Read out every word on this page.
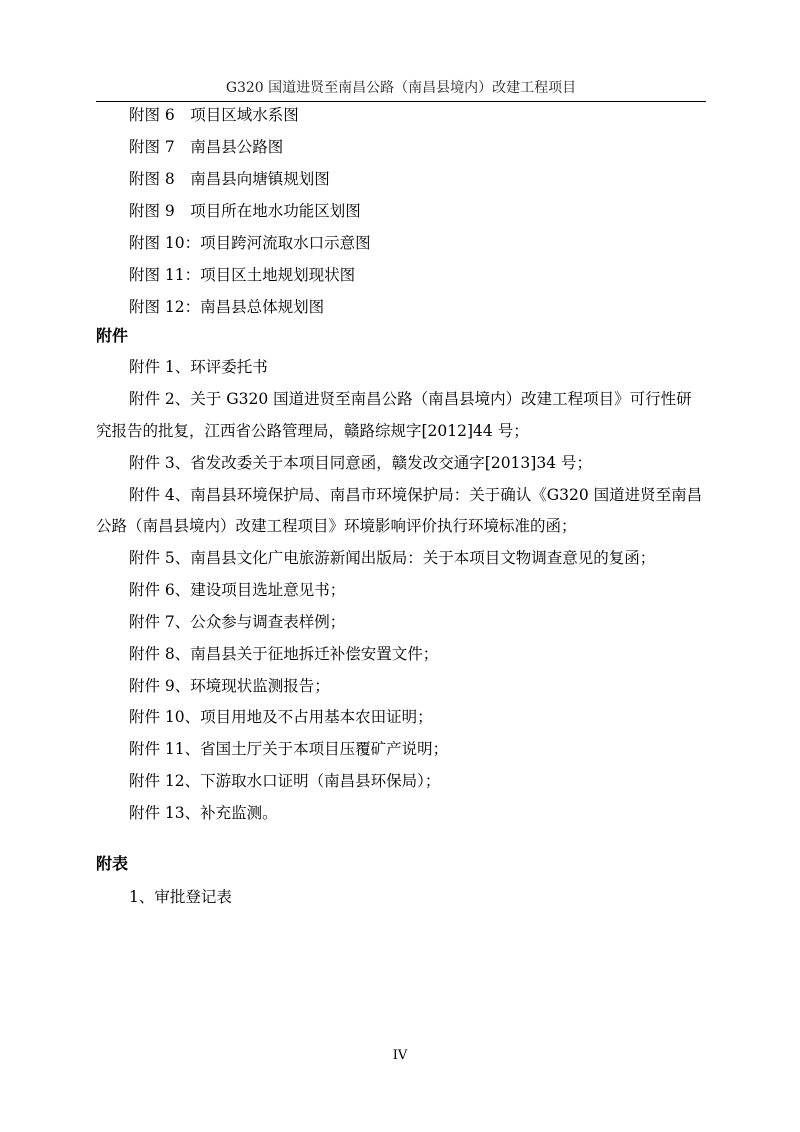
G320 国道进贤至南昌公路（南昌县境内）改建工程项目
附图 6　项目区域水系图
附图 7　南昌县公路图
附图 8　南昌县向塘镇规划图
附图 9　项目所在地水功能区划图
附图 10：项目跨河流取水口示意图
附图 11：项目区土地规划现状图
附图 12：南昌县总体规划图
附件
附件 1、环评委托书
附件 2、关于 G320 国道进贤至南昌公路（南昌县境内）改建工程项目》可行性研
究报告的批复，江西省公路管理局，赣路综规字[2012]44 号；
附件 3、省发改委关于本项目同意函，赣发改交通字[2013]34 号；
附件 4、南昌县环境保护局、南昌市环境保护局：关于确认《G320 国道进贤至南昌
公路（南昌县境内）改建工程项目》环境影响评价执行环境标准的函；
附件 5、南昌县文化广电旅游新闻出版局：关于本项目文物调查意见的复函；
附件 6、建设项目选址意见书；
附件 7、公众参与调查表样例；
附件 8、南昌县关于征地拆迁补偿安置文件；
附件 9、环境现状监测报告；
附件 10、项目用地及不占用基本农田证明；
附件 11、省国土厅关于本项目压覆矿产说明；
附件 12、下游取水口证明（南昌县环保局）；
附件 13、补充监测。
附表
1、审批登记表
IV
